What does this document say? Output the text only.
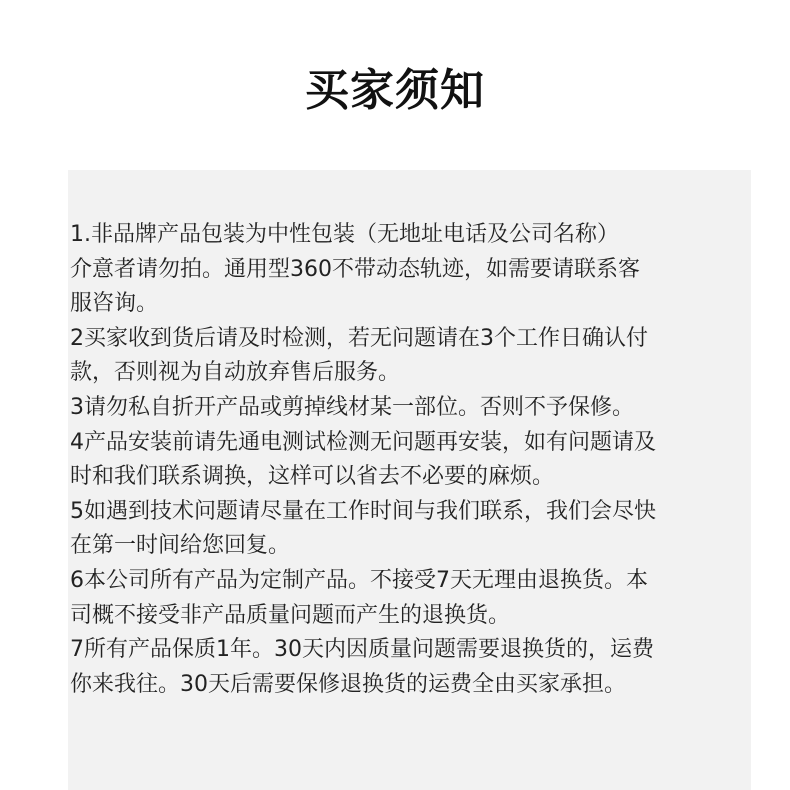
买家须知
1.非品牌产品包装为中性包装（无地址电话及公司名称）
介意者请勿拍。通用型360不带动态轨迹，如需要请联系客
服咨询。
2买家收到货后请及时检测，若无问题请在3个工作日确认付
款，否则视为自动放弃售后服务。
3请勿私自折开产品或剪掉线材某一部位。否则不予保修。
4产品安装前请先通电测试检测无问题再安装，如有问题请及
时和我们联系调换，这样可以省去不必要的麻烦。
5如遇到技术问题请尽量在工作时间与我们联系，我们会尽快
在第一时间给您回复。
6本公司所有产品为定制产品。不接受7天无理由退换货。本
司概不接受非产品质量问题而产生的退换货。
7所有产品保质1年。30天内因质量问题需要退换货的，运费
你来我往。30天后需要保修退换货的运费全由买家承担。
